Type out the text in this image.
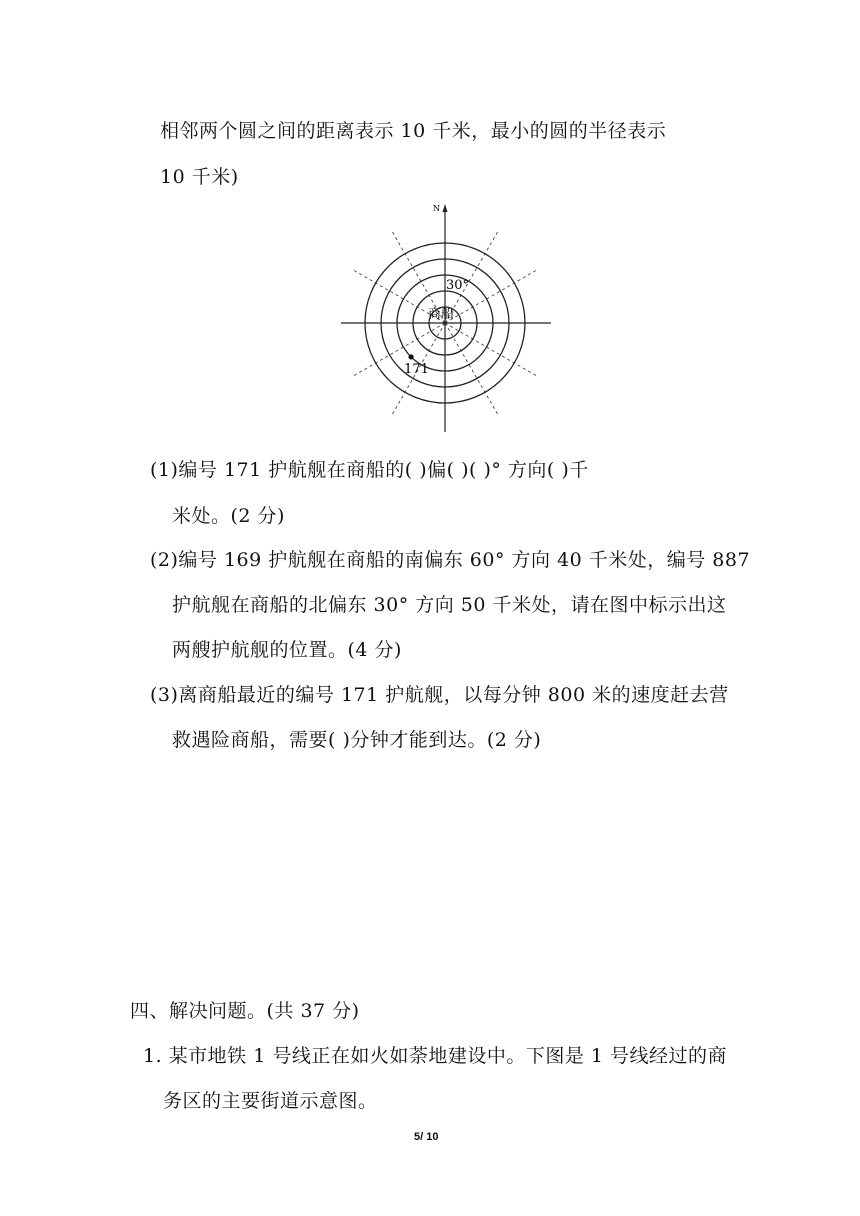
相邻两个圆之间的距离表示 10 千米，最小的圆的半径表示
10 千米)
N
30°
商船
171
(1)编号 171 护航舰在商船的( )偏( )( )° 方向( )千
米处。(2 分)
(2)编号 169 护航舰在商船的南偏东 60° 方向 40 千米处，编号 887
护航舰在商船的北偏东 30° 方向 50 千米处，请在图中标示出这
两艘护航舰的位置。(4 分)
(3)离商船最近的编号 171 护航舰，以每分钟 800 米的速度赶去营
救遇险商船，需要( )分钟才能到达。(2 分)
四、解决问题。(共 37 分)
1. 某市地铁 1 号线正在如火如荼地建设中。下图是 1 号线经过的商
务区的主要街道示意图。
5/ 10
